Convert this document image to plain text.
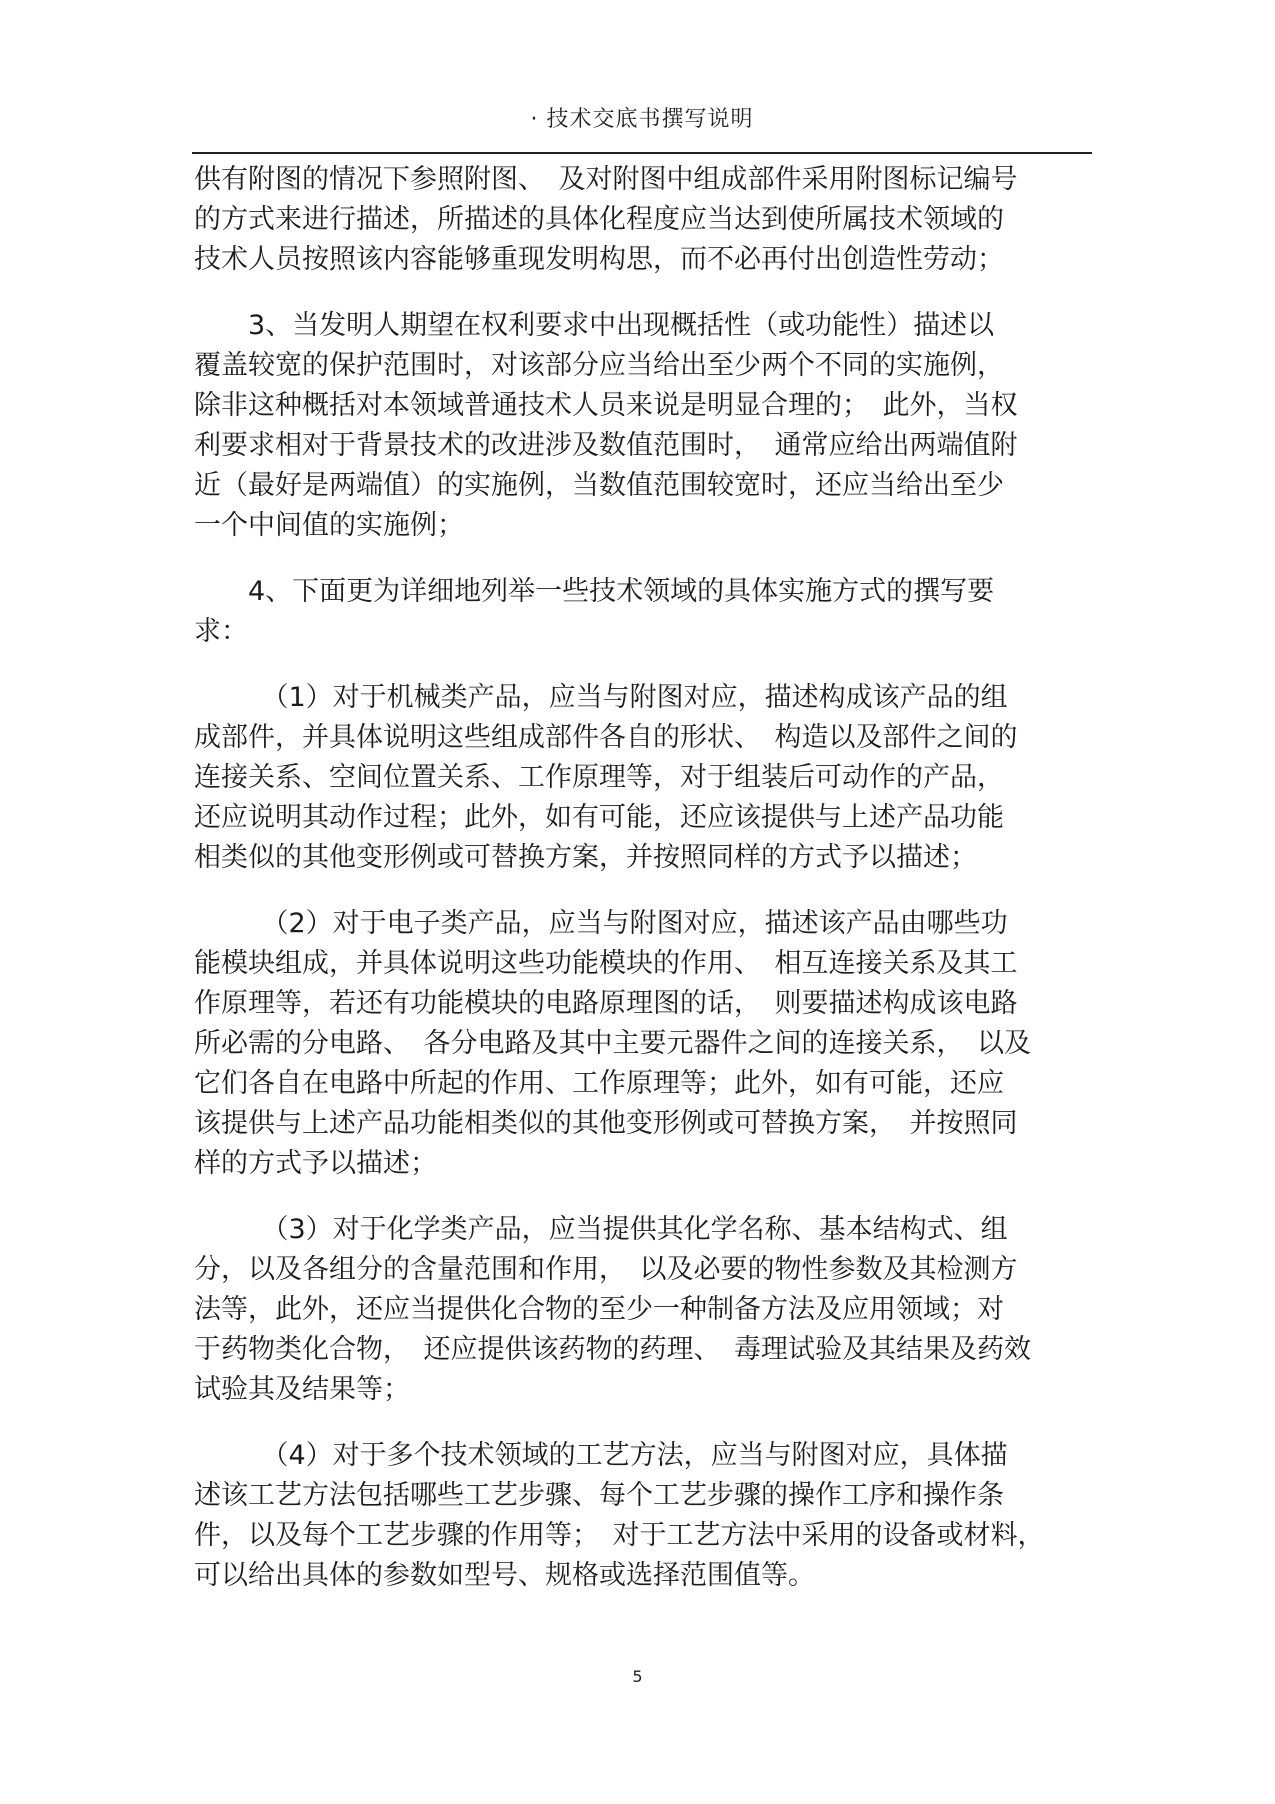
· 技术交底书撰写说明

供有附图的情况下参照附图、　及对附图中组成部件采用附图标记编号
的方式来进行描述，所描述的具体化程度应当达到使所属技术领域的
技术人员按照该内容能够重现发明构思，而不必再付出创造性劳动；

　　3、当发明人期望在权利要求中出现概括性（或功能性）描述以
覆盖较宽的保护范围时，对该部分应当给出至少两个不同的实施例，
除非这种概括对本领域普通技术人员来说是明显合理的；　此外，当权
利要求相对于背景技术的改进涉及数值范围时，　通常应给出两端值附
近（最好是两端值）的实施例，当数值范围较宽时，还应当给出至少
一个中间值的实施例；

　　4、下面更为详细地列举一些技术领域的具体实施方式的撰写要
求：

　　　（1）对于机械类产品，应当与附图对应，描述构成该产品的组
成部件，并具体说明这些组成部件各自的形状、　构造以及部件之间的
连接关系、空间位置关系、工作原理等，对于组装后可动作的产品，
还应说明其动作过程；此外，如有可能，还应该提供与上述产品功能
相类似的其他变形例或可替换方案，并按照同样的方式予以描述；

　　　（2）对于电子类产品，应当与附图对应，描述该产品由哪些功
能模块组成，并具体说明这些功能模块的作用、　相互连接关系及其工
作原理等，若还有功能模块的电路原理图的话，　则要描述构成该电路
所必需的分电路、　各分电路及其中主要元器件之间的连接关系，　以及
它们各自在电路中所起的作用、工作原理等；此外，如有可能，还应
该提供与上述产品功能相类似的其他变形例或可替换方案，　并按照同
样的方式予以描述；

　　　（3）对于化学类产品，应当提供其化学名称、基本结构式、组
分，以及各组分的含量范围和作用，　以及必要的物性参数及其检测方
法等，此外，还应当提供化合物的至少一种制备方法及应用领域；对
于药物类化合物，　还应提供该药物的药理、　毒理试验及其结果及药效
试验其及结果等；

　　　（4）对于多个技术领域的工艺方法，应当与附图对应，具体描
述该工艺方法包括哪些工艺步骤、每个工艺步骤的操作工序和操作条
件，以及每个工艺步骤的作用等；　对于工艺方法中采用的设备或材料，
可以给出具体的参数如型号、规格或选择范围值等。

5
